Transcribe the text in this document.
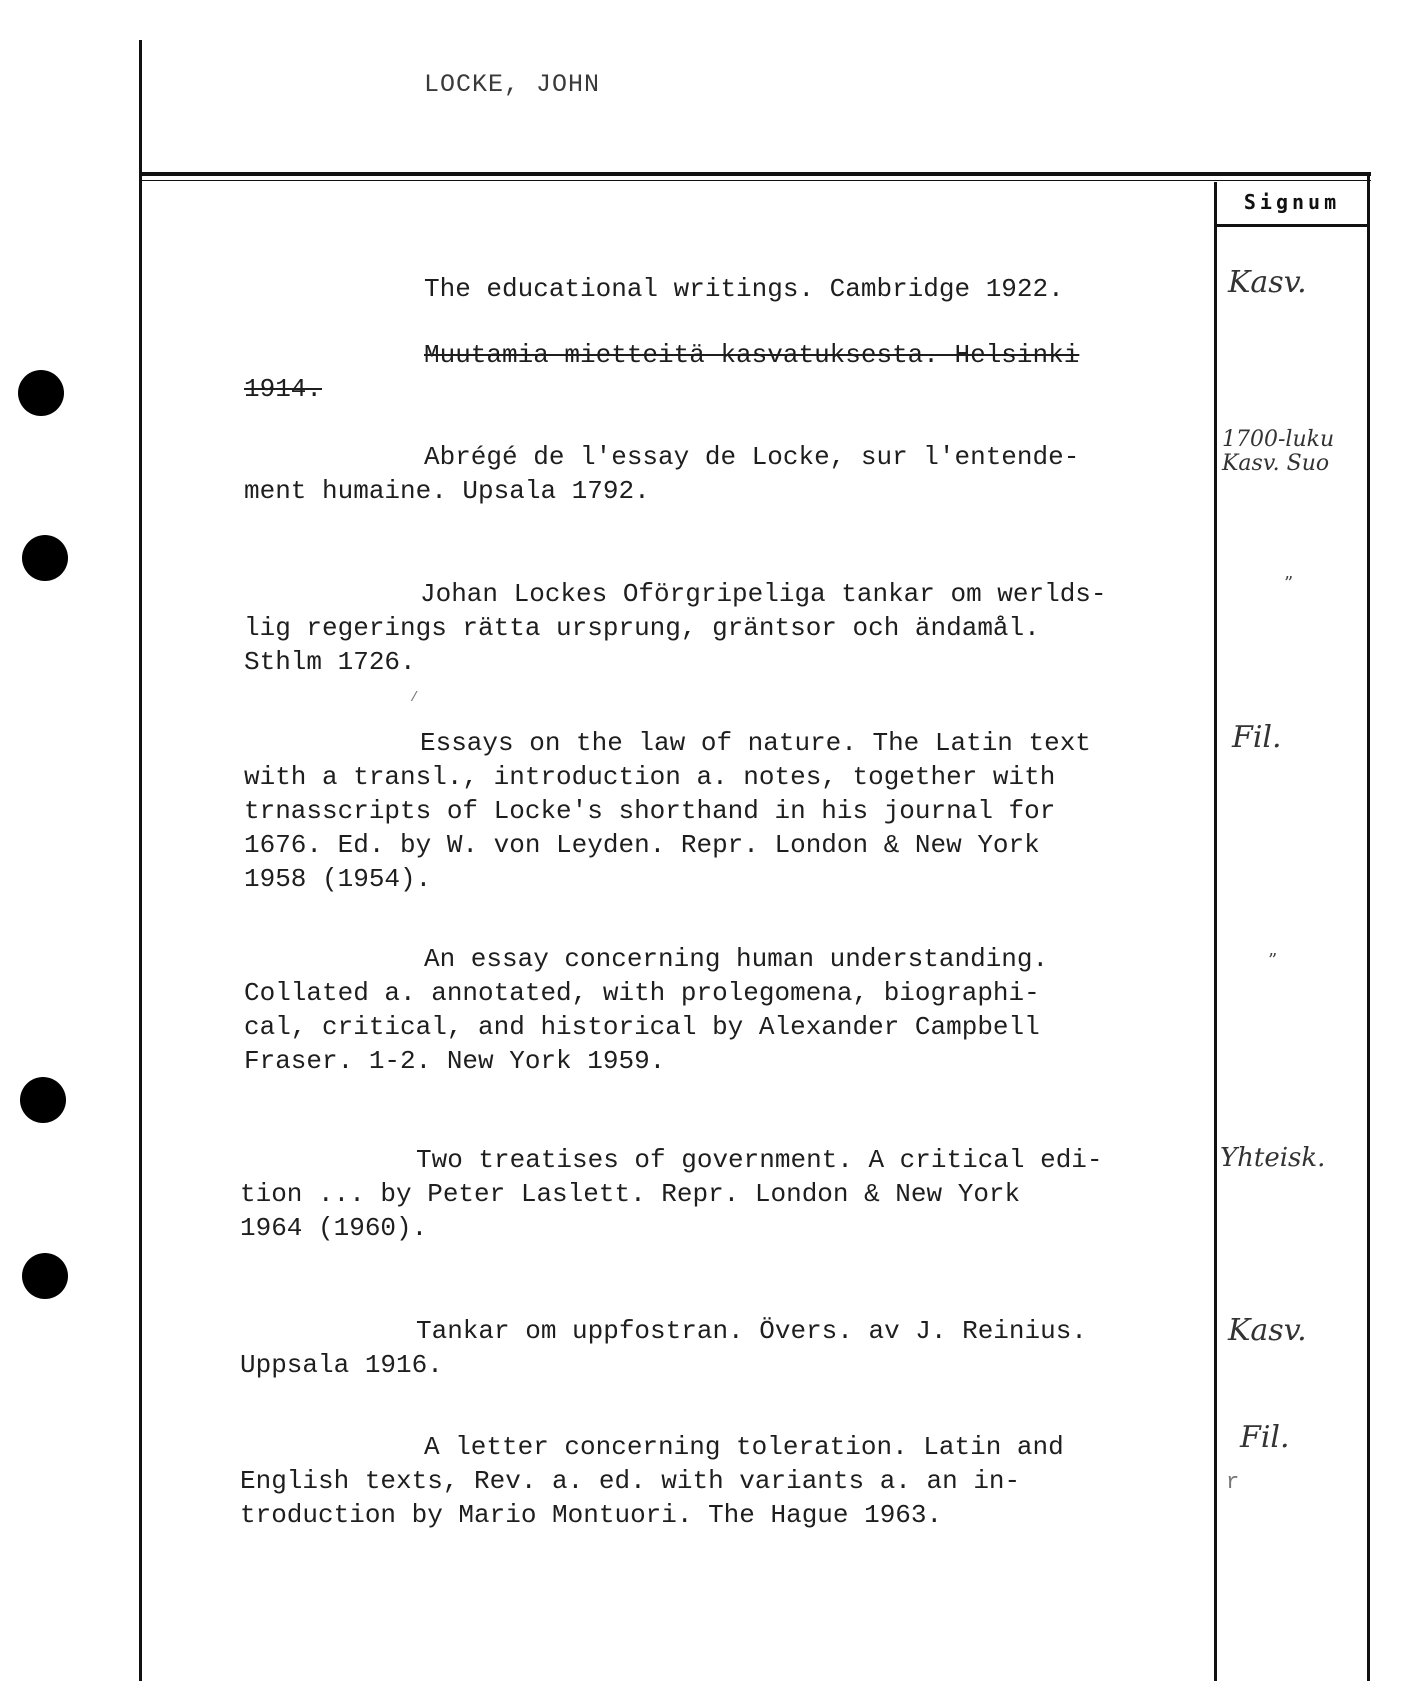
LOCKE, JOHN
Signum
The educational writings. Cambridge 1922.	Kasv.
Muutamia mietteitä kasvatuksesta. Helsinki
1914.
Abrégé de l'essay de Locke, sur l'entende-
ment humaine. Upsala 1792.
1700-luku
Kasv. Suo
Johan Lockes Oförgripeliga tankar om werlds-
lig regerings rätta ursprung, gräntsor och ändamål.
Sthlm 1726.
”
Essays on the law of nature. The Latin text
with a transl., introduction a. notes, together with
trnasscripts of Locke's shorthand in his journal for
1676. Ed. by W. von Leyden. Repr. London & New York
1958 (1954).
Fil.
/
An essay concerning human understanding.
Collated a. annotated, with prolegomena, biographi-
cal, critical, and historical by Alexander Campbell
Fraser. 1-2. New York 1959.
”
Two treatises of government. A critical edi-
tion ... by Peter Laslett. Repr. London & New York
1964 (1960).
Yhteisk.
Tankar om uppfostran. Övers. av J. Reinius.
Uppsala 1916.
Kasv.
A letter concerning toleration. Latin and
English texts, Rev. a. ed. with variants a. an in-
troduction by Mario Montuori. The Hague 1963.
Fil.
r
